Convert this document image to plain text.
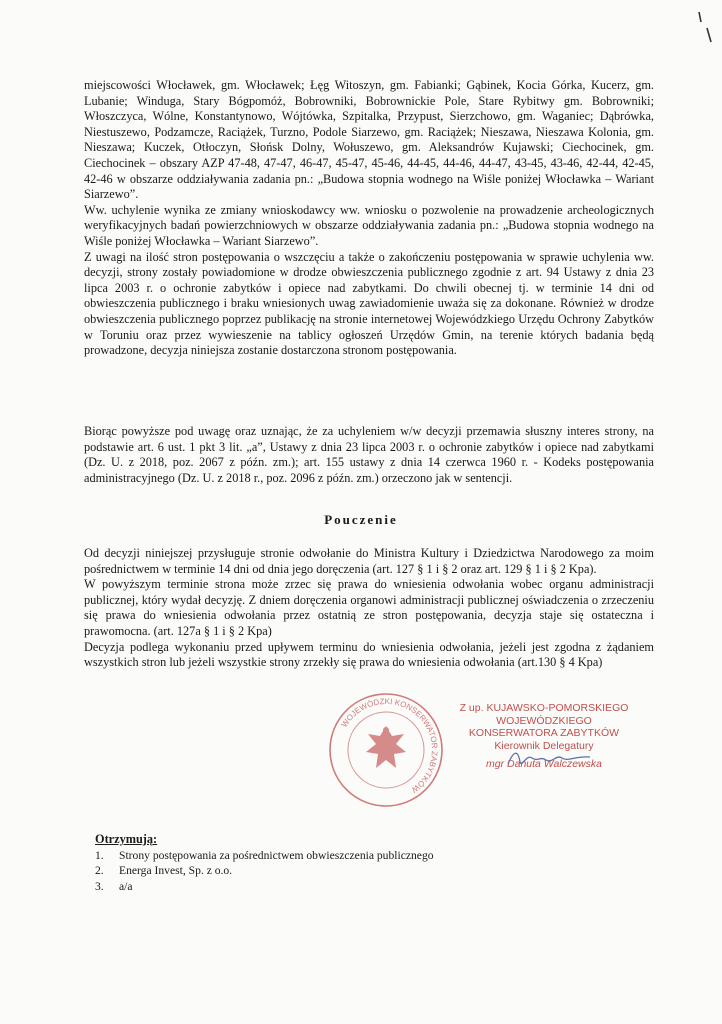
miejscowości Włocławek, gm. Włocławek; Łęg Witoszyn, gm. Fabianki; Gąbinek, Kocia Górka, Kucerz, gm. Lubanie; Winduga, Stary Bógpomóż, Bobrowniki, Bobrownickie Pole, Stare Rybitwy gm. Bobrowniki; Włoszczyca, Wólne, Konstantynowo, Wójtówka, Szpitalka, Przypust, Sierzchowo, gm. Waganiec; Dąbrówka, Niestuszewo, Podzamcze, Raciążek, Turzno, Podole Siarzewo, gm. Raciążek; Nieszawa, Nieszawa Kolonia, gm. Nieszawa; Kuczek, Otłoczyn, Słońsk Dolny, Wołuszewo, gm. Aleksandrów Kujawski; Ciechocinek, gm. Ciechocinek – obszary AZP 47-48, 47-47, 46-47, 45-47, 45-46, 44-45, 44-46, 44-47, 43-45, 43-46, 42-44, 42-45, 42-46 w obszarze oddziaływania zadania pn.: „Budowa stopnia wodnego na Wiśle poniżej Włocławka – Wariant Siarzewo”.
Ww. uchylenie wynika ze zmiany wnioskodawcy ww. wniosku o pozwolenie na prowadzenie archeologicznych weryfikacyjnych badań powierzchniowych w obszarze oddziaływania zadania pn.: „Budowa stopnia wodnego na Wiśle poniżej Włocławka – Wariant Siarzewo”.
Z uwagi na ilość stron postępowania o wszczęciu a także o zakończeniu postępowania w sprawie uchylenia ww. decyzji, strony zostały powiadomione w drodze obwieszczenia publicznego zgodnie z art. 94 Ustawy z dnia 23 lipca 2003 r. o ochronie zabytków i opiece nad zabytkami. Do chwili obecnej tj. w terminie 14 dni od obwieszczenia publicznego i braku wniesionych uwag zawiadomienie uważa się za dokonane. Również w drodze obwieszczenia publicznego poprzez publikację na stronie internetowej Wojewódzkiego Urzędu Ochrony Zabytków w Toruniu oraz przez wywieszenie na tablicy ogłoszeń Urzędów Gmin, na terenie których badania będą prowadzone, decyzja niniejsza zostanie dostarczona stronom postępowania.
Biorąc powyższe pod uwagę oraz uznając, że za uchyleniem w/w decyzji przemawia słuszny interes strony, na podstawie art. 6 ust. 1 pkt 3 lit. „a”, Ustawy z dnia 23 lipca 2003 r. o ochronie zabytków i opiece nad zabytkami (Dz. U. z 2018, poz. 2067 z późn. zm.); art. 155 ustawy z dnia 14 czerwca 1960 r. - Kodeks postępowania administracyjnego (Dz. U. z 2018 r., poz. 2096 z późn. zm.) orzeczono jak w sentencji.
Pouczenie
Od decyzji niniejszej przysługuje stronie odwołanie do Ministra Kultury i Dziedzictwa Narodowego za moim pośrednictwem w terminie 14 dni od dnia jego doręczenia (art. 127 § 1 i § 2 oraz art. 129 § 1 i § 2 Kpa).
W powyższym terminie strona może zrzec się prawa do wniesienia odwołania wobec organu administracji publicznej, który wydał decyzję. Z dniem doręczenia organowi administracji publicznej oświadczenia o zrzeczeniu się prawa do wniesienia odwołania przez ostatnią ze stron postępowania, decyzja staje się ostateczna i prawomocna. (art. 127a § 1 i § 2 Kpa)
Decyzja podlega wykonaniu przed upływem terminu do wniesienia odwołania, jeżeli jest zgodna z żądaniem wszystkich stron lub jeżeli wszystkie strony zrzekły się prawa do wniesienia odwołania (art.130 § 4 Kpa)
WOJEWÓDZKI KONSERWATOR ZABYTKÓW
Z up. KUJAWSKO-POMORSKIEGO
WOJEWÓDZKIEGO
KONSERWATORA ZABYTKÓW
Kierownik Delegatury
mgr Danuta Walczewska
Otrzymują:
1.	Strony postępowania za pośrednictwem obwieszczenia publicznego
2.	Energa Invest, Sp. z o.o.
3.	a/a
